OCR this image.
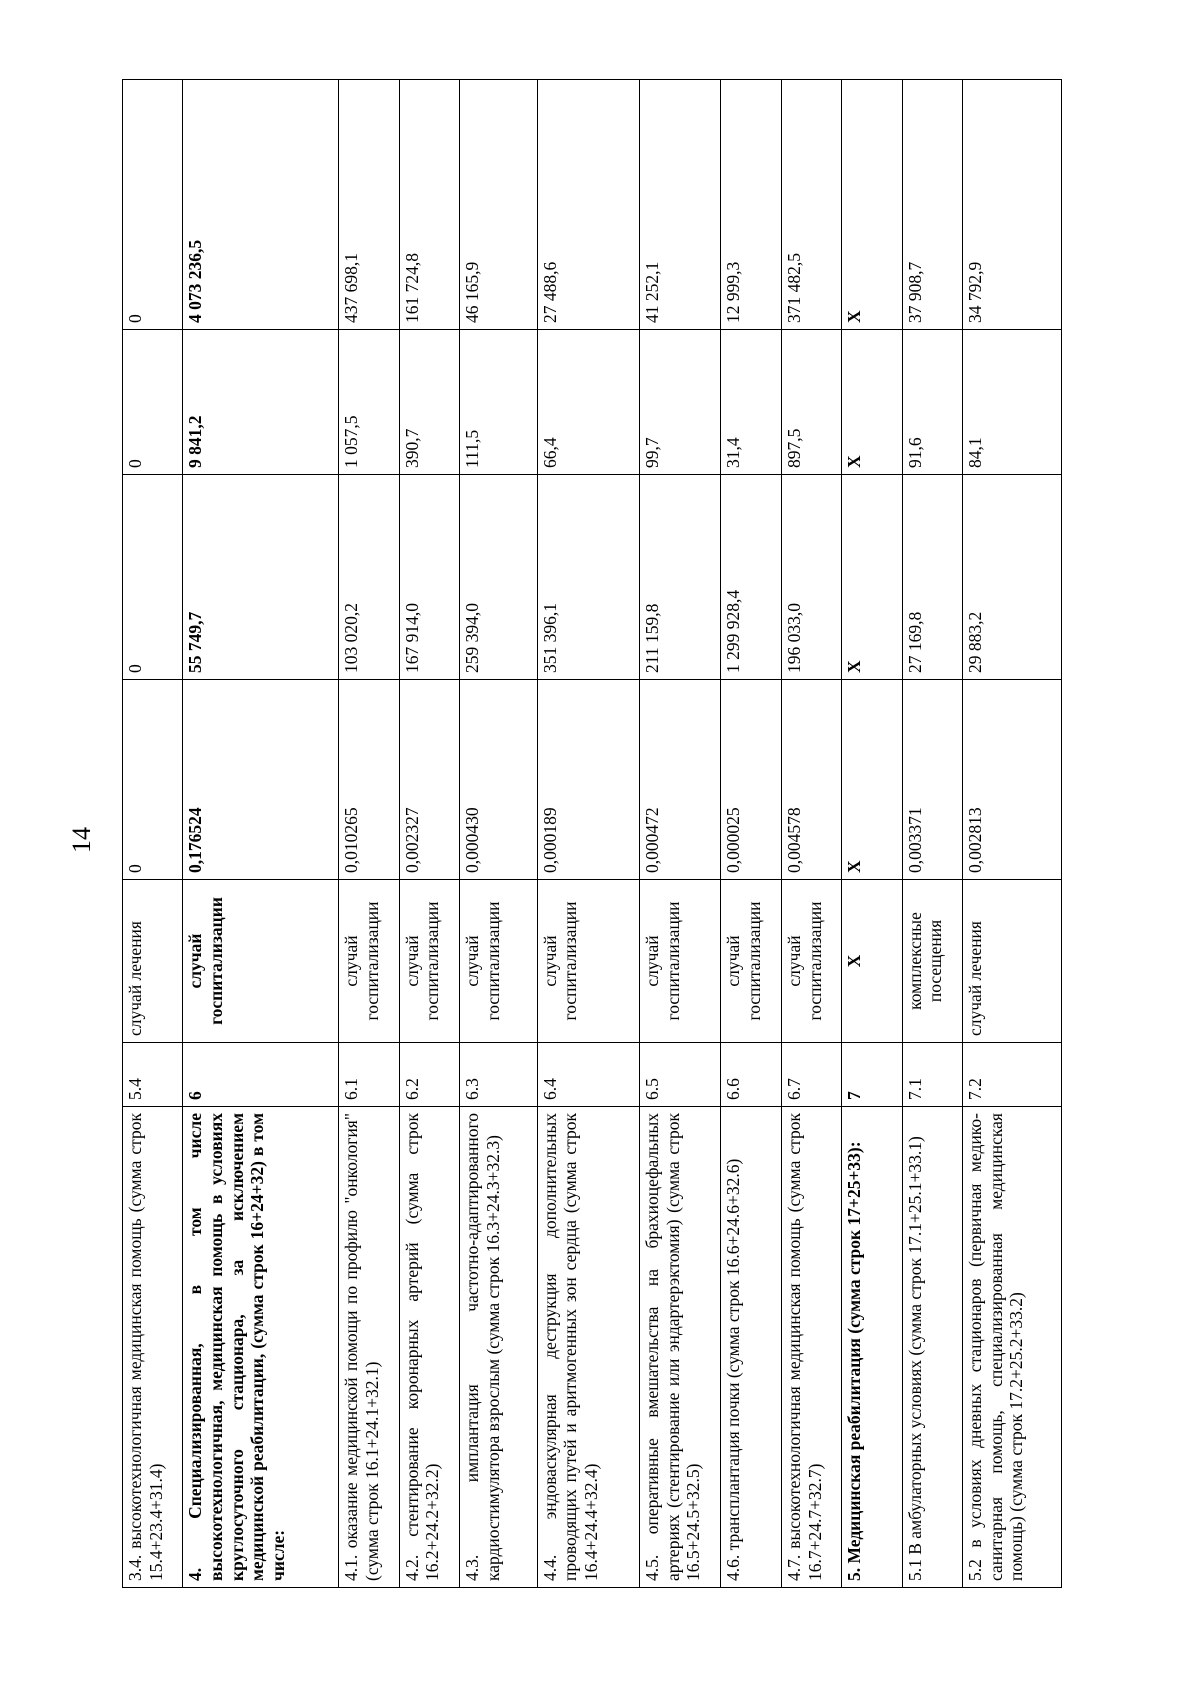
14
3.4. высокотехнологичная медицинская помощь (сумма строк 15.4+23.4+31.4)	5.4	случай лечения	0	0	0	0
4. Специализированная, в том числе высокотехнологичная, медицинская помощь в условиях круглосуточного стационара, за исключением медицинской реабилитации, (сумма строк 16+24+32) в том числе:	6	случай госпитализации	0,176524	55 749,7	9 841,2	4 073 236,5
4.1. оказание медицинской помощи по профилю "онкология" (сумма строк 16.1+24.1+32.1)	6.1	случай госпитализации	0,010265	103 020,2	1 057,5	437 698,1
4.2. стентирование коронарных артерий (сумма строк 16.2+24.2+32.2)	6.2	случай госпитализации	0,002327	167 914,0	390,7	161 724,8
4.3. имплантация частотно-адаптированного кардиостимулятора взрослым (сумма строк 16.3+24.3+32.3)	6.3	случай госпитализации	0,000430	259 394,0	111,5	46 165,9
4.4. эндоваскулярная деструкция дополнительных проводящих путей и аритмогенных зон сердца (сумма строк 16.4+24.4+32.4)	6.4	случай госпитализации	0,000189	351 396,1	66,4	27 488,6
4.5. оперативные вмешательства на брахиоцефальных артериях (стентирование или эндартерэктомия) (сумма строк 16.5+24.5+32.5)	6.5	случай госпитализации	0,000472	211 159,8	99,7	41 252,1
4.6. трансплантация почки (сумма строк 16.6+24.6+32.6)	6.6	случай госпитализации	0,000025	1 299 928,4	31,4	12 999,3
4.7. высокотехнологичная медицинская помощь (сумма строк 16.7+24.7+32.7)	6.7	случай госпитализации	0,004578	196 033,0	897,5	371 482,5
5. Медицинская реабилитация (сумма строк 17+25+33):	7	Х	Х	Х	Х	Х
5.1 В амбулаторных условиях (сумма строк 17.1+25.1+33.1)	7.1	комплексные посещения	0,003371	27 169,8	91,6	37 908,7
5.2 в условиях дневных стационаров (первичная медико-санитарная помощь, специализированная медицинская помощь) (сумма строк 17.2+25.2+33.2)	7.2	случай лечения	0,002813	29 883,2	84,1	34 792,9
